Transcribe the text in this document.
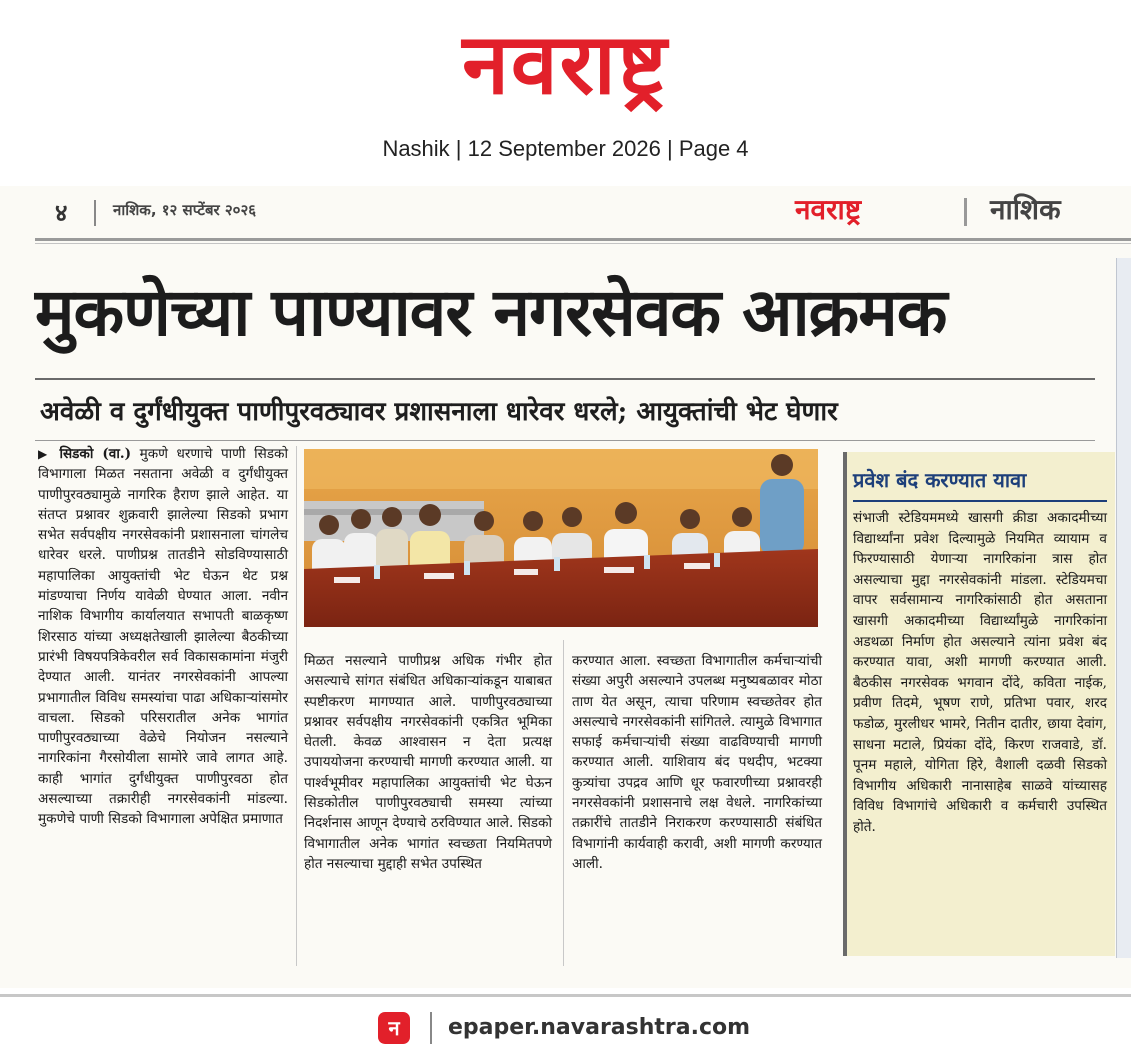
नवराष्ट्र
Nashik | 12 September 2026 | Page 4
४	नाशिक, १२ सप्टेंबर २०२६	नवराष्ट्र	नाशिक
मुकणेच्या पाण्यावर नगरसेवक आक्रमक
अवेळी व दुर्गंधीयुक्त पाणीपुरवठ्यावर प्रशासनाला धारेवर धरले; आयुक्तांची भेट घेणार
▶ सिडको (वा.) मुकणे धरणाचे पाणी सिडको विभागाला मिळत नसताना अवेळी व दुर्गंधीयुक्त पाणीपुरवठ्यामुळे नागरिक हैराण झाले आहेत. या संतप्त प्रश्नावर शुक्रवारी झालेल्या सिडको प्रभाग सभेत सर्वपक्षीय नगरसेवकांनी प्रशासनाला चांगलेच धारेवर धरले. पाणीप्रश्न तातडीने सोडविण्यासाठी महापालिका आयुक्तांची भेट घेऊन थेट प्रश्न मांडण्याचा निर्णय यावेळी घेण्यात आला. नवीन नाशिक विभागीय कार्यालयात सभापती बाळकृष्ण शिरसाठ यांच्या अध्यक्षतेखाली झालेल्या बैठकीच्या प्रारंभी विषयपत्रिकेवरील सर्व विकासकामांना मंजुरी देण्यात आली. यानंतर नगरसेवकांनी आपल्या प्रभागातील विविध समस्यांचा पाढा अधिकाऱ्यांसमोर वाचला. सिडको परिसरातील अनेक भागांत पाणीपुरवठ्याच्या वेळेचे नियोजन नसल्याने नागरिकांना गैरसोयीला सामोरे जावे लागत आहे. काही भागांत दुर्गंधीयुक्त पाणीपुरवठा होत असल्याच्या तक्रारीही नगरसेवकांनी मांडल्या. मुकणेचे पाणी सिडको विभागाला अपेक्षित प्रमाणात
मिळत नसल्याने पाणीप्रश्न अधिक गंभीर होत असल्याचे सांगत संबंधित अधिकाऱ्यांकडून याबाबत स्पष्टीकरण मागण्यात आले. पाणीपुरवठ्याच्या प्रश्नावर सर्वपक्षीय नगरसेवकांनी एकत्रित भूमिका घेतली. केवळ आश्वासन न देता प्रत्यक्ष उपाययोजना करण्याची मागणी करण्यात आली. या पार्श्वभूमीवर महापालिका आयुक्तांची भेट घेऊन सिडकोतील पाणीपुरवठ्याची समस्या त्यांच्या निदर्शनास आणून देण्याचे ठरविण्यात आले. सिडको विभागातील अनेक भागांत स्वच्छता नियमितपणे होत नसल्याचा मुद्दाही सभेत उपस्थित
करण्यात आला. स्वच्छता विभागातील कर्मचाऱ्यांची संख्या अपुरी असल्याने उपलब्ध मनुष्यबळावर मोठा ताण येत असून, त्याचा परिणाम स्वच्छतेवर होत असल्याचे नगरसेवकांनी सांगितले. त्यामुळे विभागात सफाई कर्मचाऱ्यांची संख्या वाढविण्याची मागणी करण्यात आली. याशिवाय बंद पथदीप, भटक्या कुत्र्यांचा उपद्रव आणि धूर फवारणीच्या प्रश्नावरही नगरसेवकांनी प्रशासनाचे लक्ष वेधले. नागरिकांच्या तक्रारींचे तातडीने निराकरण करण्यासाठी संबंधित विभागांनी कार्यवाही करावी, अशी मागणी करण्यात आली.
प्रवेश बंद करण्यात यावा
संभाजी स्टेडियममध्ये खासगी क्रीडा अकादमीच्या विद्यार्थ्यांना प्रवेश दिल्यामुळे नियमित व्यायाम व फिरण्यासाठी येणाऱ्या नागरिकांना त्रास होत असल्याचा मुद्दा नगरसेवकांनी मांडला. स्टेडियमचा वापर सर्वसामान्य नागरिकांसाठी होत असताना खासगी अकादमीच्या विद्यार्थ्यांमुळे नागरिकांना अडथळा निर्माण होत असल्याने त्यांना प्रवेश बंद करण्यात यावा, अशी मागणी करण्यात आली. बैठकीस नगरसेवक भगवान दोंदे, कविता नाईक, प्रवीण तिदमे, भूषण राणे, प्रतिभा पवार, शरद फडोळ, मुरलीधर भामरे, नितीन दातीर, छाया देवांग, साधना मटाले, प्रियंका दोंदे, किरण राजवाडे, डॉ. पूनम महाले, योगिता हिरे, वैशाली दळवी सिडको विभागीय अधिकारी नानासाहेब साळवे यांच्यासह विविध विभागांचे अधिकारी व कर्मचारी उपस्थित होते.
न	epaper.navarashtra.com
